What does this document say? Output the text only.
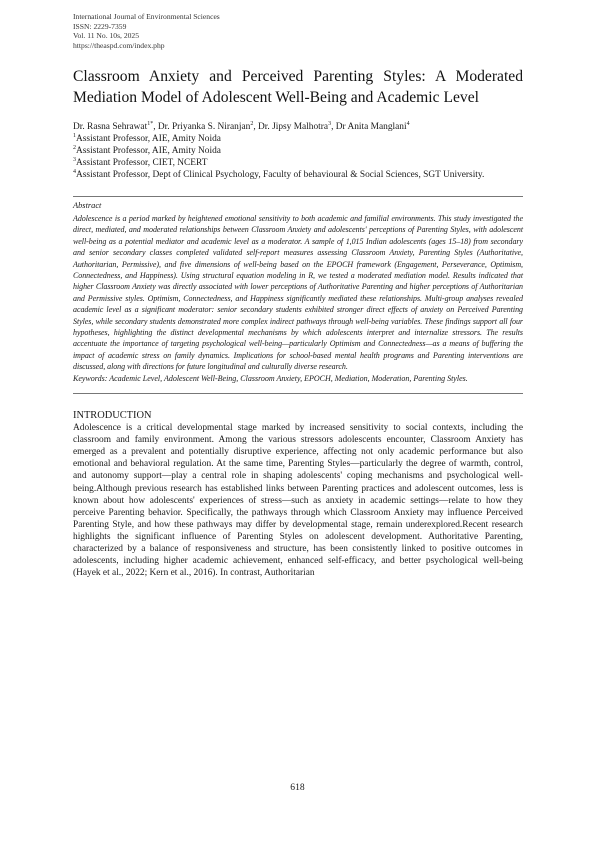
International Journal of Environmental Sciences
ISSN: 2229-7359
Vol. 11 No. 10s, 2025
https://theaspd.com/index.php
Classroom Anxiety and Perceived Parenting Styles: A Moderated Mediation Model of Adolescent Well-Being and Academic Level
Dr. Rasna Sehrawat$^{1*}$, Dr. Priyanka S. Niranjan$^2$, Dr. Jipsy Malhotra$^3$, Dr Anita Manglani$^4$
$^1$Assistant Professor, AIE, Amity Noida
$^2$Assistant Professor, AIE, Amity Noida
$^3$Assistant Professor, CIET, NCERT
$^4$Assistant Professor, Dept of Clinical Psychology, Faculty of behavioural & Social Sciences, SGT University.
Abstract
Adolescence is a period marked by heightened emotional sensitivity to both academic and familial environments. This study investigated the direct, mediated, and moderated relationships between Classroom Anxiety and adolescents' perceptions of Parenting Styles, with adolescent well-being as a potential mediator and academic level as a moderator. A sample of 1,015 Indian adolescents (ages 15–18) from secondary and senior secondary classes completed validated self-report measures assessing Classroom Anxiety, Parenting Styles (Authoritative, Authoritarian, Permissive), and five dimensions of well-being based on the EPOCH framework (Engagement, Perseverance, Optimism, Connectedness, and Happiness). Using structural equation modeling in R, we tested a moderated mediation model. Results indicated that higher Classroom Anxiety was directly associated with lower perceptions of Authoritative Parenting and higher perceptions of Authoritarian and Permissive styles. Optimism, Connectedness, and Happiness significantly mediated these relationships. Multi-group analyses revealed academic level as a significant moderator: senior secondary students exhibited stronger direct effects of anxiety on Perceived Parenting Styles, while secondary students demonstrated more complex indirect pathways through well-being variables. These findings support all four hypotheses, highlighting the distinct developmental mechanisms by which adolescents interpret and internalize stressors. The results accentuate the importance of targeting psychological well-being—particularly Optimism and Connectedness—as a means of buffering the impact of academic stress on family dynamics. Implications for school-based mental health programs and Parenting interventions are discussed, along with directions for future longitudinal and culturally diverse research.
Keywords: Academic Level, Adolescent Well-Being, Classroom Anxiety, EPOCH, Mediation, Moderation, Parenting Styles.
INTRODUCTION
Adolescence is a critical developmental stage marked by increased sensitivity to social contexts, including the classroom and family environment. Among the various stressors adolescents encounter, Classroom Anxiety has emerged as a prevalent and potentially disruptive experience, affecting not only academic performance but also emotional and behavioral regulation. At the same time, Parenting Styles—particularly the degree of warmth, control, and autonomy support—play a central role in shaping adolescents' coping mechanisms and psychological well-being.Although previous research has established links between Parenting practices and adolescent outcomes, less is known about how adolescents' experiences of stress—such as anxiety in academic settings—relate to how they perceive Parenting behavior. Specifically, the pathways through which Classroom Anxiety may influence Perceived Parenting Style, and how these pathways may differ by developmental stage, remain underexplored.Recent research highlights the significant influence of Parenting Styles on adolescent development. Authoritative Parenting, characterized by a balance of responsiveness and structure, has been consistently linked to positive outcomes in adolescents, including higher academic achievement, enhanced self-efficacy, and better psychological well-being (Hayek et al., 2022; Kern et al., 2016). In contrast, Authoritarian
618
